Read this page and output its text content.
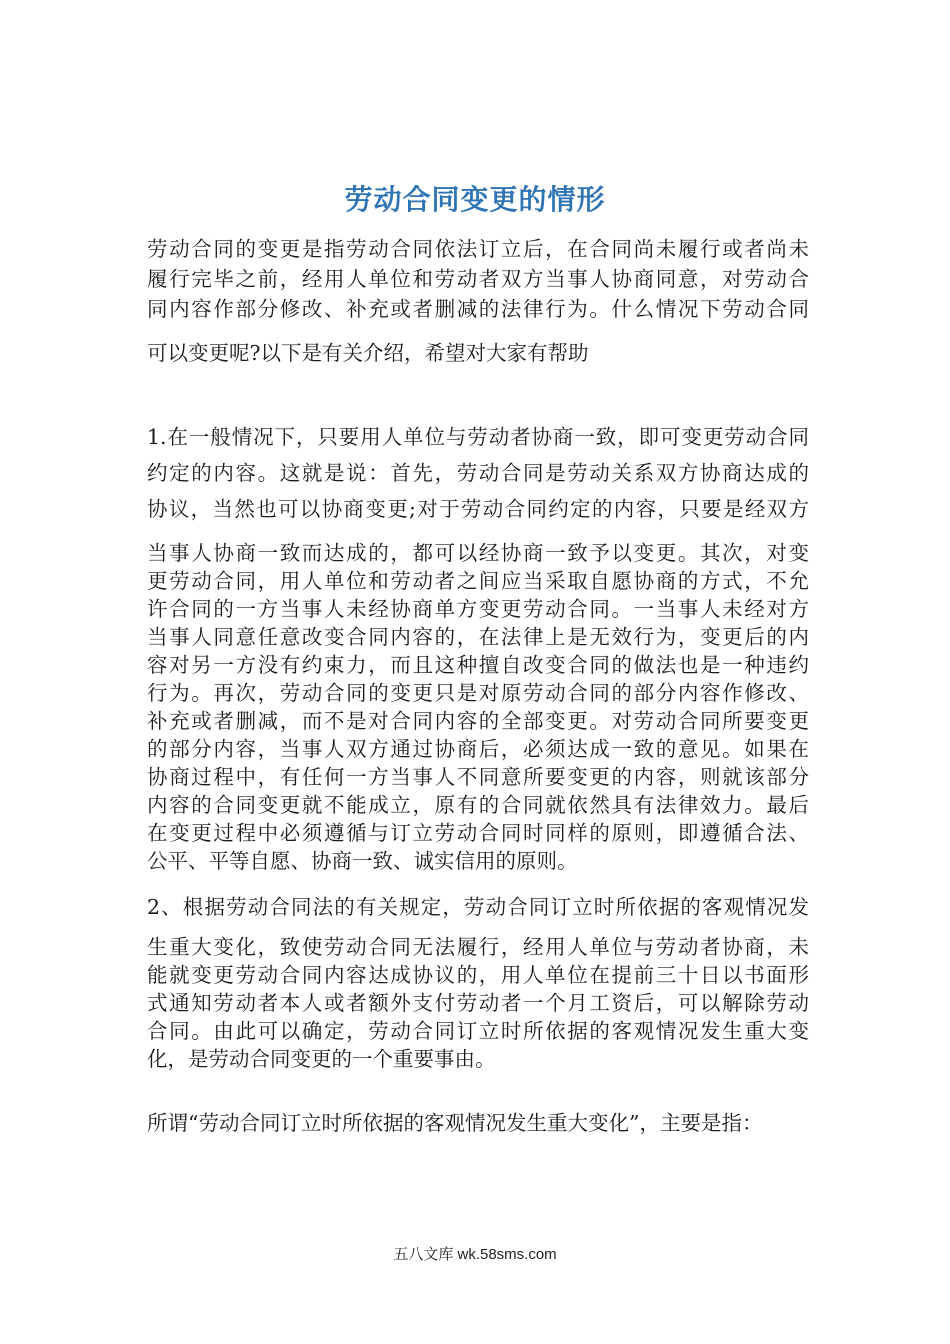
劳动合同变更的情形
劳动合同的变更是指劳动合同依法订立后，在合同尚未履行或者尚未
履行完毕之前，经用人单位和劳动者双方当事人协商同意，对劳动合
同内容作部分修改、补充或者删减的法律行为。什么情况下劳动合同
可以变更呢?以下是有关介绍，希望对大家有帮助
1.在一般情况下，只要用人单位与劳动者协商一致，即可变更劳动合同
约定的内容。这就是说：首先，劳动合同是劳动关系双方协商达成的
协议，当然也可以协商变更;对于劳动合同约定的内容，只要是经双方
当事人协商一致而达成的，都可以经协商一致予以变更。其次，对变
更劳动合同，用人单位和劳动者之间应当采取自愿协商的方式，不允
许合同的一方当事人未经协商单方变更劳动合同。一当事人未经对方
当事人同意任意改变合同内容的，在法律上是无效行为，变更后的内
容对另一方没有约束力，而且这种擅自改变合同的做法也是一种违约
行为。再次，劳动合同的变更只是对原劳动合同的部分内容作修改、
补充或者删减，而不是对合同内容的全部变更。对劳动合同所要变更
的部分内容，当事人双方通过协商后，必须达成一致的意见。如果在
协商过程中，有任何一方当事人不同意所要变更的内容，则就该部分
内容的合同变更就不能成立，原有的合同就依然具有法律效力。最后
在变更过程中必须遵循与订立劳动合同时同样的原则，即遵循合法、
公平、平等自愿、协商一致、诚实信用的原则。
2、根据劳动合同法的有关规定，劳动合同订立时所依据的客观情况发
生重大变化，致使劳动合同无法履行，经用人单位与劳动者协商，未
能就变更劳动合同内容达成协议的，用人单位在提前三十日以书面形
式通知劳动者本人或者额外支付劳动者一个月工资后，可以解除劳动
合同。由此可以确定，劳动合同订立时所依据的客观情况发生重大变
化，是劳动合同变更的一个重要事由。
所谓“劳动合同订立时所依据的客观情况发生重大变化”，主要是指：
五八文库 wk.58sms.com
